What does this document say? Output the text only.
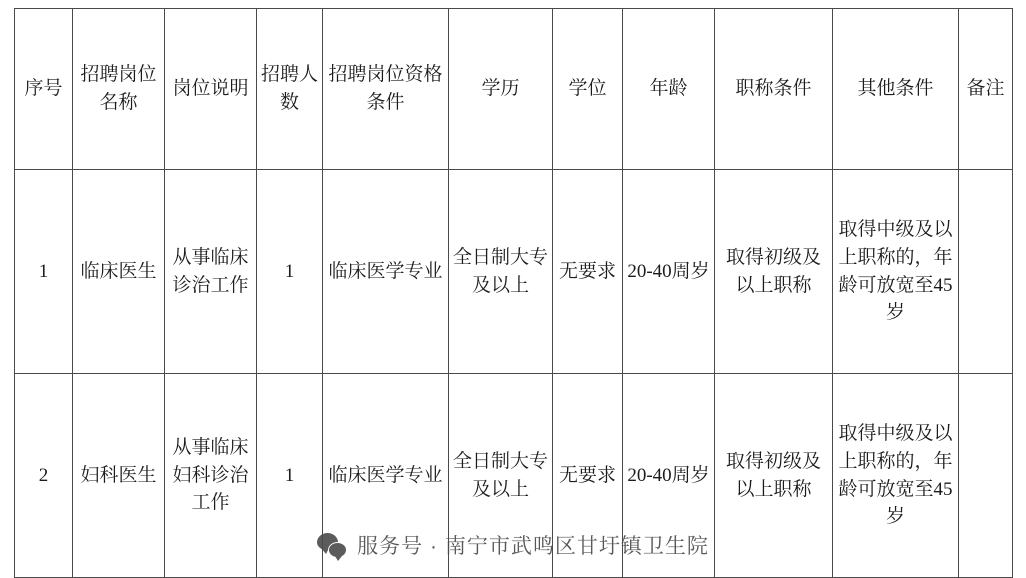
序号	招聘岗位名称	岗位说明	招聘人数	招聘岗位资格条件	学历	学位	年龄	职称条件	其他条件	备注

1	临床医生	从事临床诊治工作	1	临床医学专业	全日制大专及以上	无要求	20-40周岁	取得初级及以上职称	取得中级及以上职称的，年龄可放宽至45 岁	

2	妇科医生	从事临床妇科诊治工作	1	临床医学专业	全日制大专及以上	无要求	20-40周岁	取得初级及以上职称	取得中级及以上职称的，年龄可放宽至45 岁	

服务号 · 南宁市武鸣区甘圩镇卫生院
